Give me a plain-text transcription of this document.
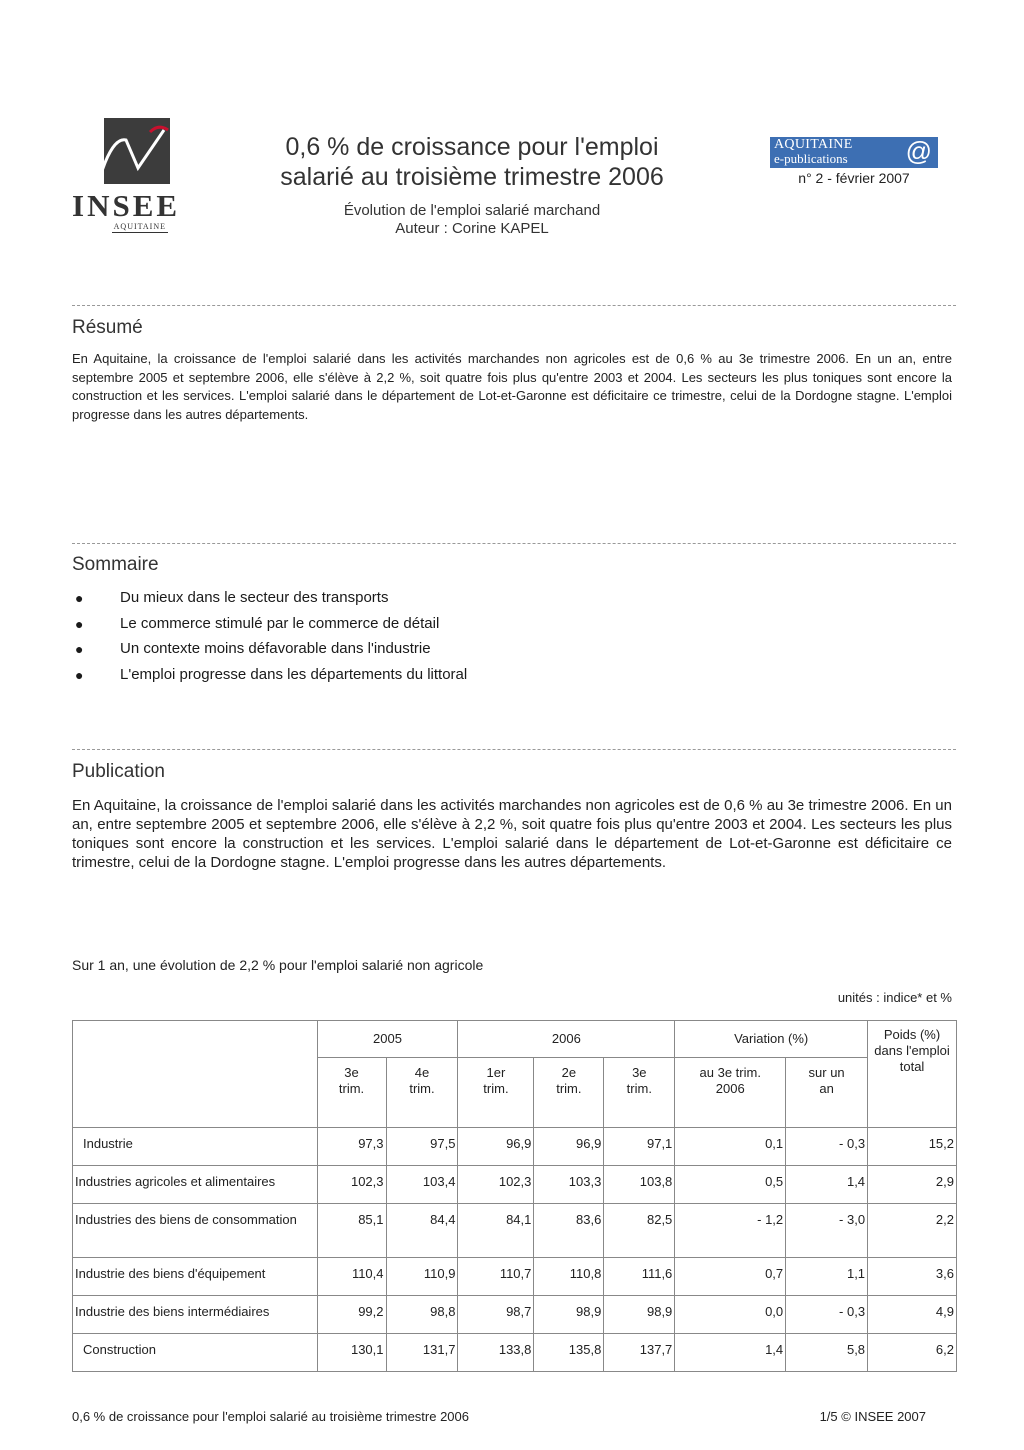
INSEE
AQUITAINE
0,6 % de croissance pour l'emploi
salarié au troisième trimestre 2006
Évolution de l'emploi salarié marchand
Auteur : Corine KAPEL
AQUITAINE
e-publications @
n° 2 - février 2007
Résumé
En Aquitaine, la croissance de l'emploi salarié dans les activités marchandes non agricoles est de 0,6 % au 3e trimestre 2006. En un an, entre septembre 2005 et septembre 2006, elle s'élève à 2,2 %, soit quatre fois plus qu'entre 2003 et 2004. Les secteurs les plus toniques sont encore la construction et les services. L'emploi salarié dans le département de Lot-et-Garonne est déficitaire ce trimestre, celui de la Dordogne stagne. L'emploi progresse dans les autres départements.
Sommaire
● Du mieux dans le secteur des transports
● Le commerce stimulé par le commerce de détail
● Un contexte moins défavorable dans l'industrie
● L'emploi progresse dans les départements du littoral
Publication
En Aquitaine, la croissance de l'emploi salarié dans les activités marchandes non agricoles est de 0,6 % au 3e trimestre 2006. En un an, entre septembre 2005 et septembre 2006, elle s'élève à 2,2 %, soit quatre fois plus qu'entre 2003 et 2004. Les secteurs les plus toniques sont encore la construction et les services. L'emploi salarié dans le département de Lot-et-Garonne est déficitaire ce trimestre, celui de la Dordogne stagne. L'emploi progresse dans les autres départements.
Sur 1 an, une évolution de 2,2 % pour l'emploi salarié non agricole
unités : indice* et %
	2005		2006			Variation (%)		Poids (%) dans l'emploi total
	3e trim.	4e trim.	1er trim.	2e trim.	3e trim.	au 3e trim. 2006	sur un an	
Industrie	97,3	97,5	96,9	96,9	97,1	0,1	- 0,3	15,2
Industries agricoles et alimentaires	102,3	103,4	102,3	103,3	103,8	0,5	1,4	2,9
Industries des biens de consommation	85,1	84,4	84,1	83,6	82,5	- 1,2	- 3,0	2,2
Industrie des biens d'équipement	110,4	110,9	110,7	110,8	111,6	0,7	1,1	3,6
Industrie des biens intermédiaires	99,2	98,8	98,7	98,9	98,9	0,0	- 0,3	4,9
Construction	130,1	131,7	133,8	135,8	137,7	1,4	5,8	6,2
0,6 % de croissance pour l'emploi salarié au troisième trimestre 2006	1/5 © INSEE 2007
